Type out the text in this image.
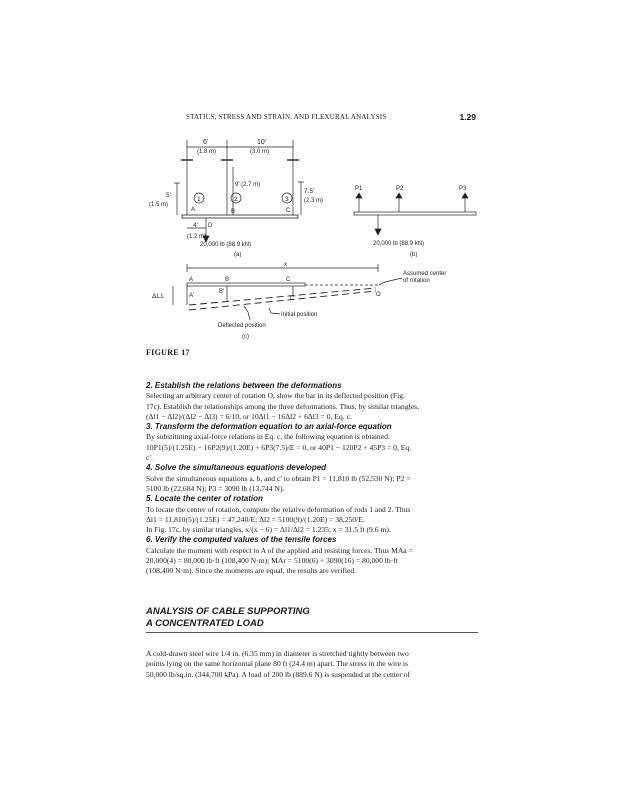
STATICS, STRESS AND STRAIN, AND FLEXURAL ANALYSIS	1.29
6'
(1.8 m)
10'
(3.0 m)
9' (2.7 m)
5'
(1.5 m)
7.5'
(2.3 m)
1	2	3
A	B	C
D
4'
(1.2 m)
20,000 lb (88.9 kN)
(a)
P1	P2	P3
20,000 lb (88.9 kN)
(b)
x
A	B	C
A'
B'
C'
O
ΔL1
Assumed center
of rotation
Initial position
Deflected position
(c)
FIGURE 17

2. Establish the relations between the deformations

Selecting an arbitrary center of rotation O, show the bar in its deflected position (Fig.

17c). Establish the relationships among the three deformations. Thus, by similar triangles,

(Δl1 − Δl2)/(Δl2 − Δl3) = 6/10, or 10Δl1 − 16Δl2 + 6Δl3 = 0, Eq. c.

3. Transform the deformation equation to an axial-force equation

By substituting axial-force relations in Eq. c, the following equation is obtained:

10P1(5)/(1.25E) − 16P2(9)/(1.20E) + 6P3(7.5)/E = 0, or 40P1 − 120P2 + 45P3 = 0, Eq.

c′.

4. Solve the simultaneous equations developed

Solve the simultaneous equations a, b, and c′ to obtain P1 = 11,810 lb (52,530 N); P2 =

5100 lb (22,684 N); P3 = 3090 lb (13,744 N).

5. Locate the center of rotation

To locate the center of rotation, compute the relative deformation of rods 1 and 2. Thus

Δl1 = 11,810(5)/(1.25E) = 47,240/E; Δl2 = 5100(9)/(1.20E) = 38,250/E.

In Fig. 17c, by similar triangles, x/(x − 6) = Δl1/Δl2 = 1.235; x = 31.5 ft (9.6 m).

6. Verify the computed values of the tensile forces

Calculate the moment with respect to A of the applied and resisting forces. Thus MAa =

20,000(4) = 80,000 lb·ft (108,400 N·m); MAr = 5100(6) + 3090(16) = 80,000 lb·ft

(108,400 N·m). Since the moments are equal, the results are verified.

ANALYSIS OF CABLE SUPPORTING
A CONCENTRATED LOAD

A cold-drawn steel wire 1/4 in. (6.35 mm) in diameter is stretched tightly between two

points lying on the same horizontal plane 80 ft (24.4 m) apart. The stress in the wire is

50,000 lb/sq.in. (344,700 kPa). A load of 200 lb (889.6 N) is suspended at the center of
